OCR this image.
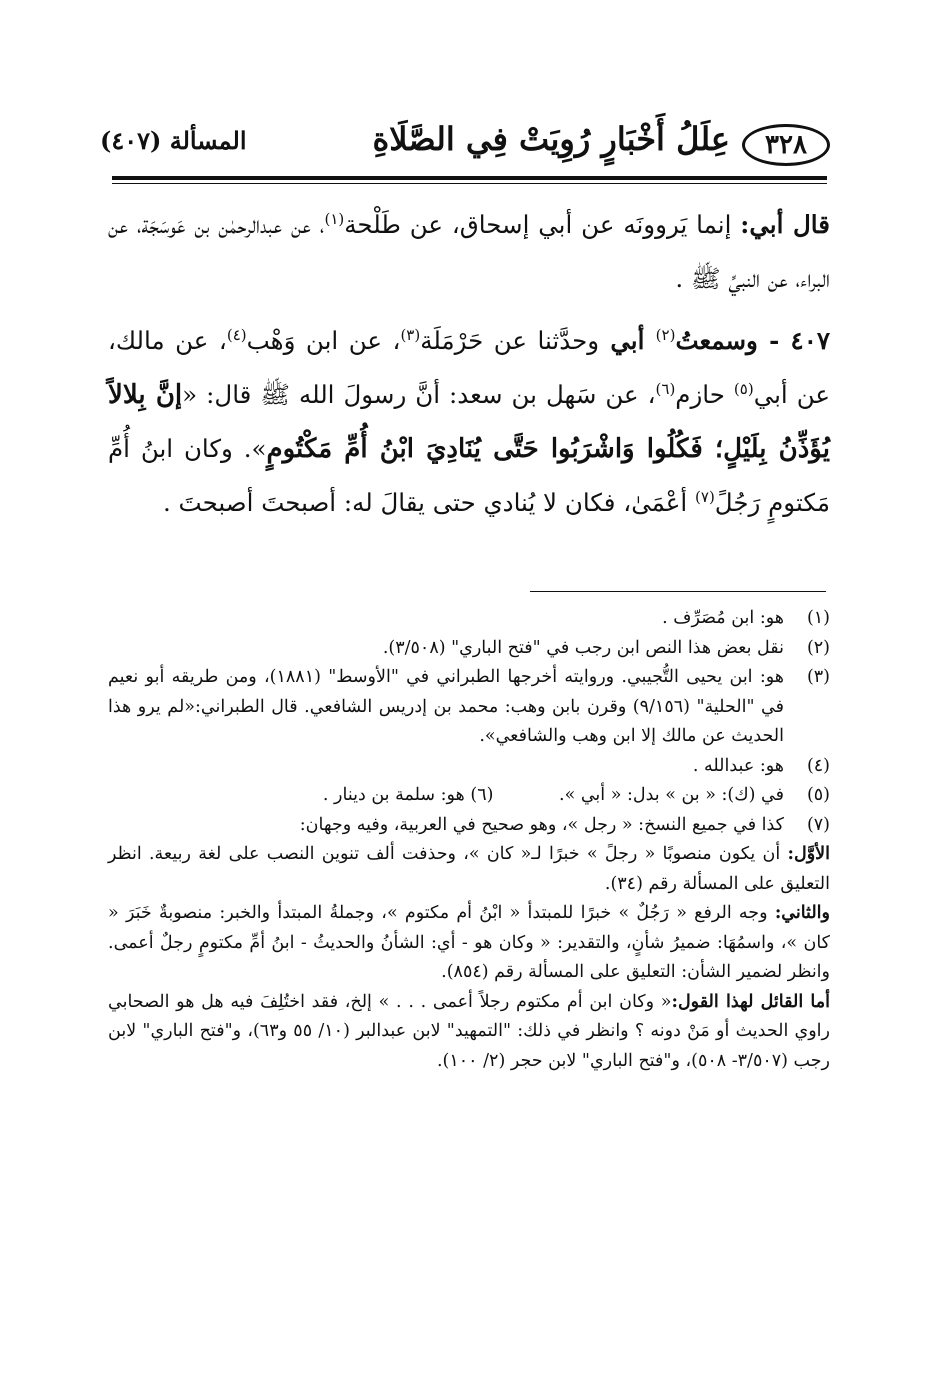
٣٢٨
عِلَلُ أَخْبَارٍ رُوِيَتْ فِي الصَّلَاةِ
المسألة (٤٠٧)

قال أبي: إنما يَروونَه عن أبي إسحاق، عن طَلْحة$^{(١)}$، عن عبدالرحمٰن بن عَوسَجَة، عن البراء، عن النبيِّ ﷺ .

٤٠٧ - وسمعتُ$^{(٢)}$ أبي وحدَّثنا عن حَرْمَلَة$^{(٣)}$، عن ابن وَهْب$^{(٤)}$، عن مالك، عن أبي$^{(٥)}$ حازم$^{(٦)}$، عن سَهل بن سعد: أنَّ رسولَ الله ﷺ قال: «إنَّ بِلالاً يُؤَذِّنُ بِلَيْلٍ؛ فَكُلُوا وَاشْرَبُوا حَتَّى يُنَادِيَ ابْنُ أُمِّ مَكْتُومٍ». وكان ابنُ أُمِّ مَكتومٍ رَجُلً$^{(٧)}$ أعْمَىٰ، فكان لا يُنادي حتى يقالَ له: أصبحتَ أصبحتَ .

(١)
هو: ابن مُصَرِّف .
(٢)
نقل بعض هذا النص ابن رجب في "فتح الباري" (٣/٥٠٨).
(٣)
هو: ابن يحيى التُّجيبي. وروايته أخرجها الطبراني في "الأوسط" (١٨٨١)، ومن طريقه أبو نعيم في "الحلية" (٩/١٥٦) وقرن بابن وهب: محمد بن إدريس الشافعي. قال الطبراني:«لم يرو هذا الحديث عن مالك إلا ابن وهب والشافعي».
(٤)
هو: عبدالله .
(٥)
في (ك): « بن » بدل: « أبي ». (٦) هو: سلمة بن دينار .
(٧)
كذا في جميع النسخ: « رجل »، وهو صحيح في العربية، وفيه وجهان:
الأوَّل: أن يكون منصوبًا « رجلً » خبرًا لـ« كان »، وحذفت ألف تنوين النصب على لغة ربيعة. انظر التعليق على المسألة رقم (٣٤).
والثاني: وجه الرفع « رَجُلٌ » خبرًا للمبتدأ « ابْنُ أم مكتوم »، وجملةُ المبتدأ والخبر: منصوبةٌ خَبَرَ « كان »، واسمُهَا: ضميرُ شأنٍ، والتقدير: « وكان هو - أي: الشأنُ والحديثُ - ابنُ أمِّ مكتومٍ رجلٌ أعمى. وانظر لضمير الشأن: التعليق على المسألة رقم (٨٥٤).
أما القائل لهذا القول:« وكان ابن أم مكتوم رجلاً أعمى . . . » إلخ، فقد اختُلِفَ فيه هل هو الصحابي راوي الحديث أو مَنْ دونه ؟ وانظر في ذلك: "التمهيد" لابن عبدالبر (١٠/ ٥٥ و٦٣)، و"فتح الباري" لابن رجب (٣/٥٠٧- ٥٠٨)، و"فتح الباري" لابن حجر (٢/ ١٠٠).
